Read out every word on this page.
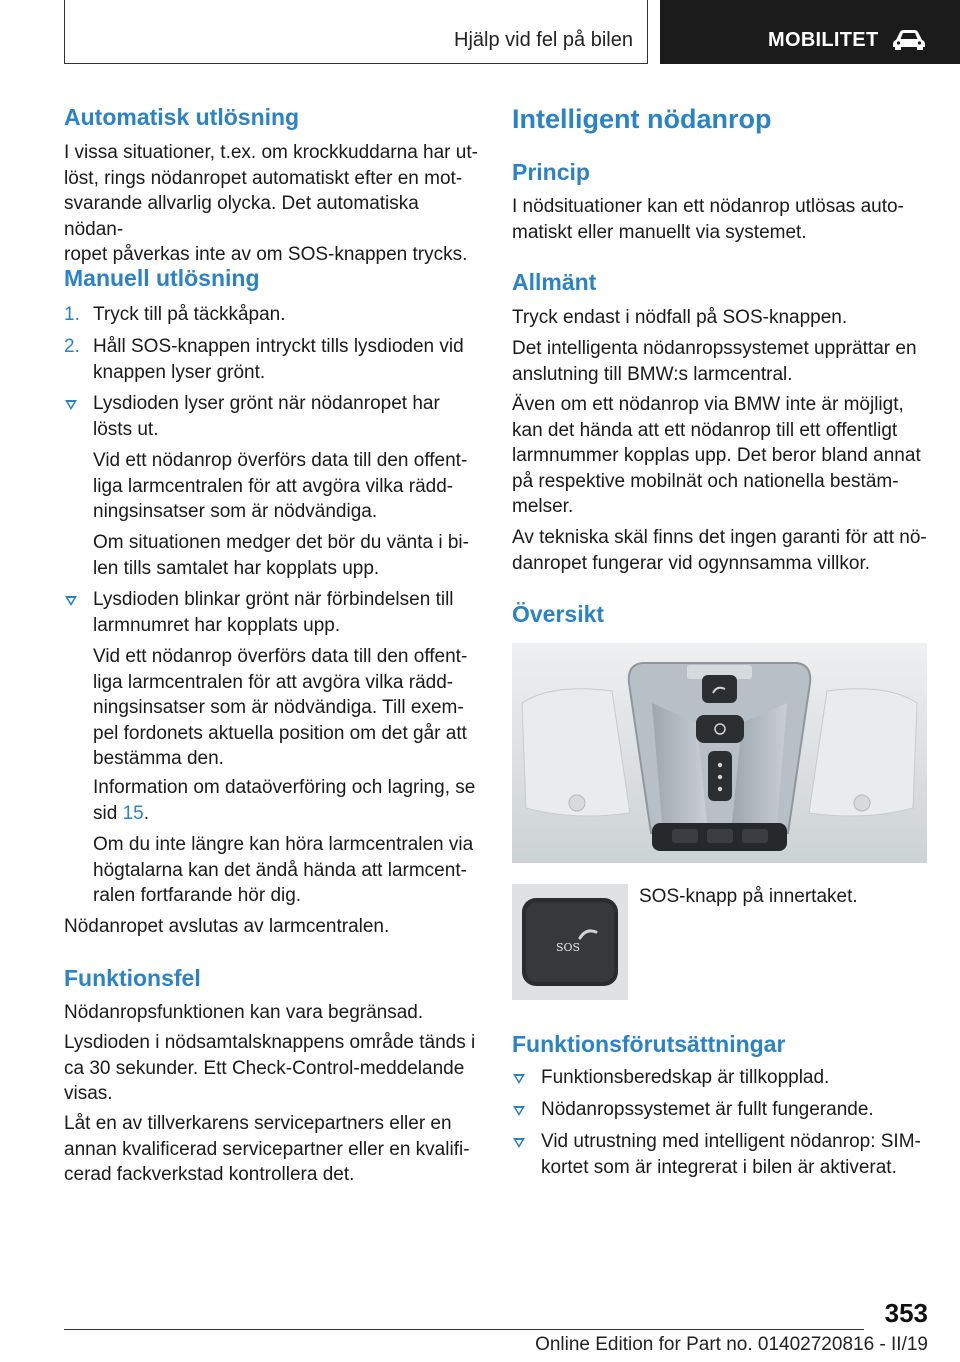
Hjälp vid fel på bilen	MOBILITET
Automatisk utlösning

I vissa situationer, t.ex. om krockkuddarna har ut-
löst, rings nödanropet automatiskt efter en mot-
svarande allvarlig olycka. Det automatiska nödan-
ropet påverkas inte av om SOS-knappen trycks.

Manuell utlösning
1. Tryck till på täckkåpan.

2. Håll SOS-knappen intryckt tills lysdioden vid
knappen lyser grönt.

Lysdioden lyser grönt när nödanropet har
lösts ut.

Vid ett nödanrop överförs data till den offent-
liga larmcentralen för att avgöra vilka rädd-
ningsinsatser som är nödvändiga.

Om situationen medger det bör du vänta i bi-
len tills samtalet har kopplats upp.

Lysdioden blinkar grönt när förbindelsen till
larmnumret har kopplats upp.

Vid ett nödanrop överförs data till den offent-
liga larmcentralen för att avgöra vilka rädd-
ningsinsatser som är nödvändiga. Till exem-
pel fordonets aktuella position om det går att
bestämma den.

Information om dataöverföring och lagring, se
sid 15.

Om du inte längre kan höra larmcentralen via
högtalarna kan det ändå hända att larmcent-
ralen fortfarande hör dig.

Nödanropet avslutas av larmcentralen.

Funktionsfel

Nödanropsfunktionen kan vara begränsad.

Lysdioden i nödsamtalsknappens område tänds i
ca 30 sekunder. Ett Check-Control-meddelande
visas.

Låt en av tillverkarens servicepartners eller en
annan kvalificerad servicepartner eller en kvalifi-
cerad fackverkstad kontrollera det.

Intelligent nödanrop
Princip

I nödsituationer kan ett nödanrop utlösas auto-
matiskt eller manuellt via systemet.

Allmänt

Tryck endast i nödfall på SOS-knappen.

Det intelligenta nödanropssystemet upprättar en
anslutning till BMW:s larmcentral.

Även om ett nödanrop via BMW inte är möjligt,
kan det hända att ett nödanrop till ett offentligt
larmnummer kopplas upp. Det beror bland annat
på respektive mobilnät och nationella bestäm-
melser.

Av tekniska skäl finns det ingen garanti för att nö-
danropet fungerar vid ogynnsamma villkor.

Översikt

SOS-knapp på innertaket.

SOS
Funktionsförutsättningar

Funktionsberedskap är tillkopplad.

Nödanropssystemet är fullt fungerande.

Vid utrustning med intelligent nödanrop: SIM-
kortet som är integrerat i bilen är aktiverat.

353
Online Edition for Part no. 01402720816 - II/19
